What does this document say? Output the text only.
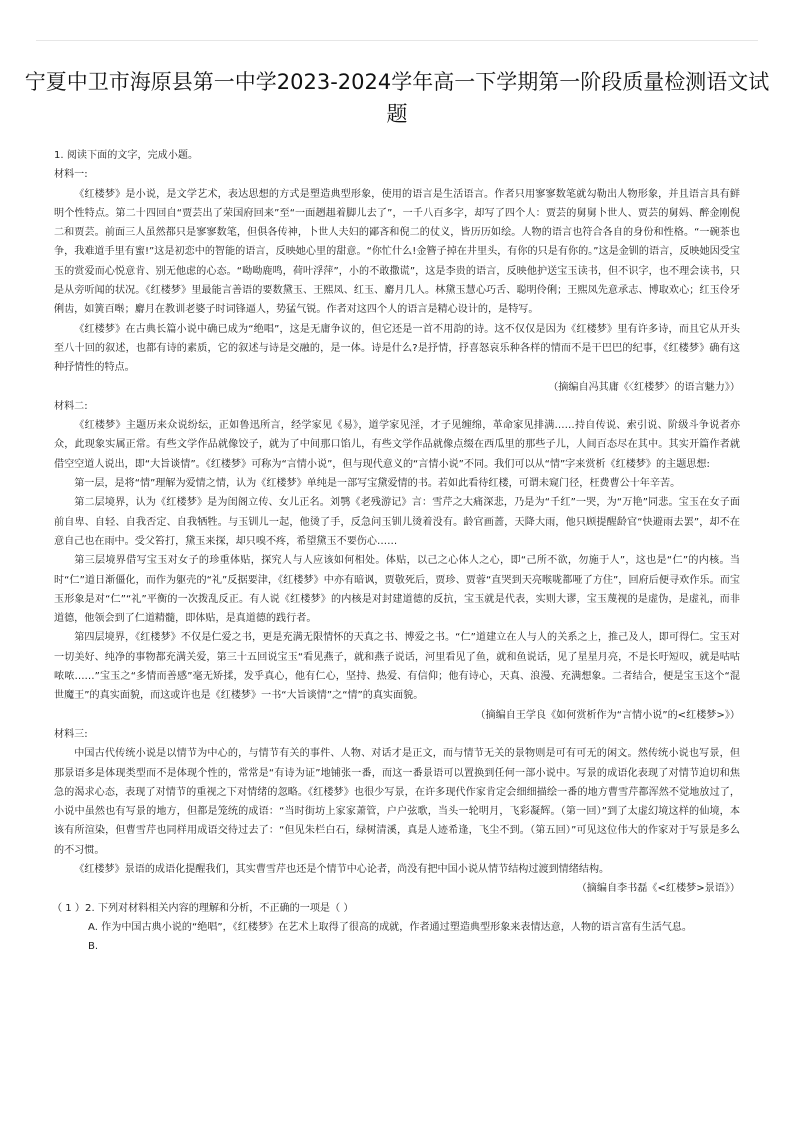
宁夏中卫市海原县第一中学2023-2024学年高一下学期第一阶段质量检测语文试
题

1. 阅读下面的文字，完成小题。

材料一:

《红楼梦》是小说，是文学艺术，表达思想的方式是塑造典型形象，使用的语言是生活语言。作者只用寥寥数笔就勾勒出人物形象，并且语言具有鲜明个性特点。第二十四回自“贾芸出了荣国府回来”至“一面趔趄着脚儿去了”，一千八百多字，却写了四个人：贾芸的舅舅卜世人、贾芸的舅妈、醉金刚倪二和贾芸。前面三人虽然都只是寥寥数笔，但俱各传神，卜世人夫妇的鄙吝和倪二的仗义，皆历历如绘。人物的语言也符合各自的身份和性格。“一碗茶也争，我难道手里有蜜!”这是初恋中的智能的语言，反映她心里的甜意。“你忙什么!金簪子掉在井里头，有你的只是有你的。”这是金钏的语言，反映她因受宝玉的赏爱而心悦意肯、别无他虑的心态。“呦呦鹿鸣，荷叶浮萍”，小的不敢撒谎”，这是李贵的语言，反映他护送宝玉读书，但不识字，也不理会读书，只是从旁听闻的状况。《红楼梦》里最能言善语的要数黛玉、王熙凤、红玉、麝月几人。林黛玉慧心巧舌、聪明伶俐；王熙凤先意承志、博取欢心；红玉伶牙俐齿，如簧百啭；麝月在教训老婆子时词锋逼人，势猛气锐。作者对这四个人的语言是精心设计的，是特写。

《红楼梦》在古典长篇小说中确已成为“绝唱”，这是无庸争议的，但它还是一首不用韵的诗。这不仅仅是因为《红楼梦》里有许多诗，而且它从开头至八十回的叙述，也都有诗的素质，它的叙述与诗是交融的，是一体。诗是什么?是抒情，抒喜怒哀乐种各样的情而不是干巴巴的纪事，《红楼梦》确有这种抒情性的特点。

（摘编自冯其庸《〈红楼梦〉的语言魅力》）

材料二:

《红楼梦》主题历来众说纷纭，正如鲁迅所言，经学家见《易》，道学家见淫，才子见缠绵，革命家见排满……持自传说、索引说、阶级斗争说者亦众，此现象实属正常。有些文学作品就像饺子，就为了中间那口馅儿，有些文学作品就像点缀在西瓜里的那些子儿，人间百态尽在其中。其实开篇作者就借空空道人说出，即“大旨谈情”。《红楼梦》可称为“言情小说”，但与现代意义的“言情小说”不同。我们可以从“情”字来赏析《红楼梦》的主题思想:

第一层，是将“情”理解为爱情之情，认为《红楼梦》单纯是一部写宝黛爱情的书。若如此看待红楼，可谓未窥门径，枉费曹公十年辛苦。

第二层境界，认为《红楼梦》是为闺阁立传、女儿正名。刘鹗《老残游记》言：雪芹之大痛深悲，乃是为“千红”一哭，为“万艳”同悲。宝玉在女子面前自卑、自轻、自我否定、自我牺牲。与玉钏儿一起，他烫了手，反急问玉钏儿烫着没有。龄官画蔷，天降大雨，他只顾提醒龄官“快避雨去罢”，却不在意自己也在雨中。受父笞打，黛玉来探，却只嗅不疼，希望黛玉不要伤心……

第三层境界借写宝玉对女子的珍重体贴，探究人与人应该如何相处。体贴，以己之心体人之心，即“己所不欲，勿施于人”，这也是“仁”的内核。当时“仁”道日渐僵化，而作为躯壳的“礼”反据要津，《红楼梦》中亦有暗讽，贾敬死后，贾珍、贾蓉“直哭到天亮喉咙都哑了方住”，回府后便寻欢作乐。而宝玉形象是对“仁”“礼”平衡的一次拨乱反正。有人说《红楼梦》的内核是对封建道德的反抗，宝玉就是代表，实则大谬，宝玉蔑视的是虚伪，是虚礼，而非道德，他领会到了仁道精髓，即体贴，是真道德的践行者。

第四层境界，《红楼梦》不仅是仁爱之书，更是充满无限情怀的天真之书、博爱之书。“仁”道建立在人与人的关系之上，推己及人，即可得仁。宝玉对一切美好、纯净的事物都充满关爱，第三十五回说宝玉“看见燕子，就和燕子说话，河里看见了鱼，就和鱼说话，见了星星月亮，不是长吁短叹，就是咕咕哝哝……”宝玉之“多情而善感”毫无矫揉，发乎真心，他有仁心，坚持、热爱、有信仰；他有诗心，天真、浪漫、充满想象。二者结合，便是宝玉这个“混世魔王”的真实面貌，而这或许也是《红楼梦》一书“大旨谈情”之“情”的真实面貌。

（摘编自王学良《如何赏析作为“言情小说”的<红楼梦>》）

材料三:

中国古代传统小说是以情节为中心的，与情节有关的事件、人物、对话才是正文，而与情节无关的景物则是可有可无的闲文。然传统小说也写景，但那景语多是体现类型而不是体现个性的，常常是“有诗为证”地铺张一番，而这一番景语可以置换到任何一部小说中。写景的成语化表现了对情节迫切和焦急的渴求心态，表现了对情节的重视之下对情绪的忽略。《红楼梦》也很少写景，在许多现代作家肯定会细细描绘一番的地方曹雪芹都浑然不觉地放过了，小说中虽然也有写景的地方，但都是笼统的成语：“当时街坊上家家萧管，户户弦歌，当头一轮明月，飞彩凝辉。（第一回）”到了太虚幻境这样的仙境，本该有所渲染，但曹雪芹也同样用成语交待过去了：“但见朱栏白石，绿树清溪，真是人迹希逢，飞尘不到。（第五回）”可见这位伟大的作家对于写景是多么的不习惯。

《红楼梦》景语的成语化提醒我们，其实曹雪芹也还是个情节中心论者，尚没有把中国小说从情节结构过渡到情绪结构。

（摘编自李书磊《<红楼梦>景语》）

（ 1 ）2. 下列对材料相关内容的理解和分析，不正确的一项是（ ）

A. 作为中国古典小说的“绝唱”，《红楼梦》在艺术上取得了很高的成就，作者通过塑造典型形象来表情达意，人物的语言富有生活气息。

B.
